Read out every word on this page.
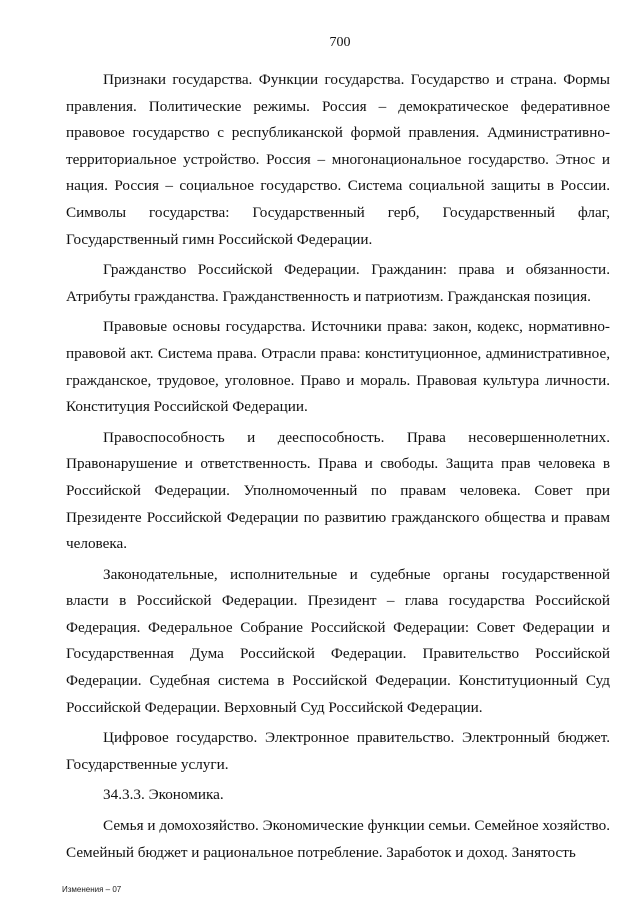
700

Признаки государства. Функции государства. Государство и страна. Формы правления. Политические режимы. Россия – демократическое федеративное правовое государство с республиканской формой правления. Административно-территориальное устройство. Россия – многонациональное государство. Этнос и нация. Россия – социальное государство. Система социальной защиты в России. Символы государства: Государственный герб, Государственный флаг, Государственный гимн Российской Федерации.

Гражданство Российской Федерации. Гражданин: права и обязанности. Атрибуты гражданства. Гражданственность и патриотизм. Гражданская позиция.

Правовые основы государства. Источники права: закон, кодекс, нормативно-правовой акт. Система права. Отрасли права: конституционное, административное, гражданское, трудовое, уголовное. Право и мораль. Правовая культура личности. Конституция Российской Федерации.

Правоспособность и дееспособность. Права несовершеннолетних. Правонарушение и ответственность. Права и свободы. Защита прав человека в Российской Федерации. Уполномоченный по правам человека. Совет при Президенте Российской Федерации по развитию гражданского общества и правам человека.

Законодательные, исполнительные и судебные органы государственной власти в Российской Федерации. Президент – глава государства Российской Федерация. Федеральное Собрание Российской Федерации: Совет Федерации и Государственная Дума Российской Федерации. Правительство Российской Федерации. Судебная система в Российской Федерации. Конституционный Суд Российской Федерации. Верховный Суд Российской Федерации.

Цифровое государство. Электронное правительство. Электронный бюджет. Государственные услуги.

34.3.3. Экономика.

Семья и домохозяйство. Экономические функции семьи. Семейное хозяйство. Семейный бюджет и рациональное потребление. Заработок и доход. Занятость

Изменения – 07
